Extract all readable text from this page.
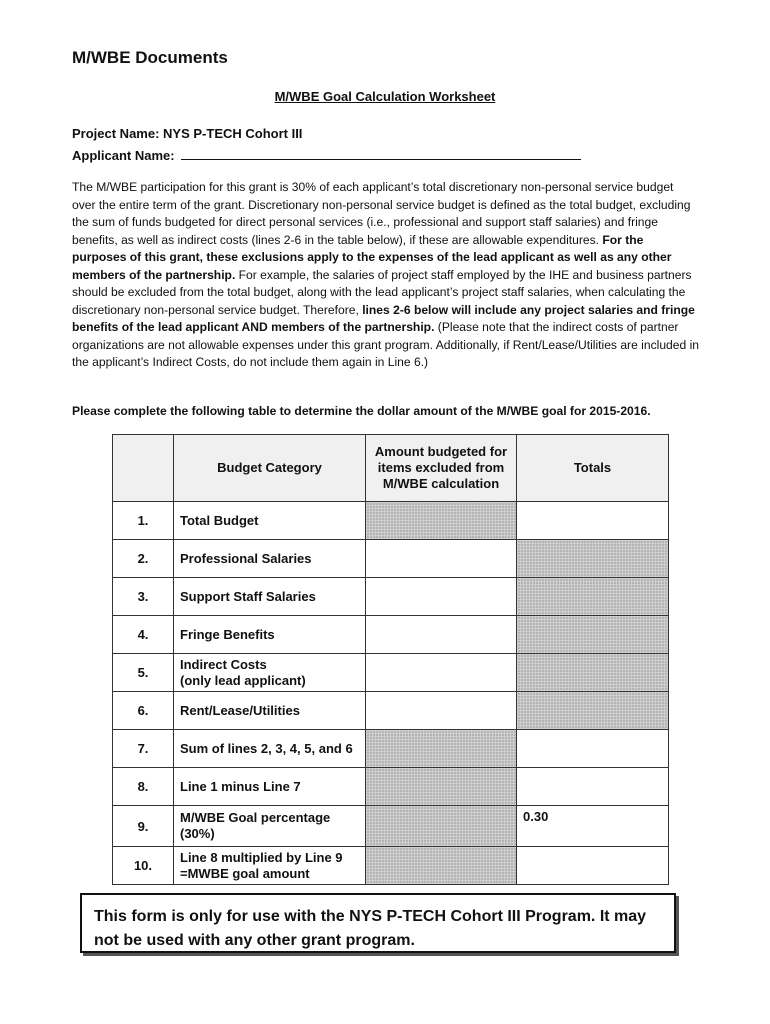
M/WBE Documents
M/WBE Goal Calculation Worksheet
Project Name: NYS P-TECH Cohort III
Applicant Name:
The M/WBE participation for this grant is 30% of each applicant’s total discretionary non-personal service budget over the entire term of the grant. Discretionary non-personal service budget is defined as the total budget, excluding the sum of funds budgeted for direct personal services (i.e., professional and support staff salaries) and fringe benefits, as well as indirect costs (lines 2-6 in the table below), if these are allowable expenditures. For the purposes of this grant, these exclusions apply to the expenses of the lead applicant as well as any other members of the partnership. For example, the salaries of project staff employed by the IHE and business partners should be excluded from the total budget, along with the lead applicant’s project staff salaries, when calculating the discretionary non-personal service budget. Therefore, lines 2-6 below will include any project salaries and fringe benefits of the lead applicant AND members of the partnership. (Please note that the indirect costs of partner organizations are not allowable expenses under this grant program. Additionally, if Rent/Lease/Utilities are included in the applicant’s Indirect Costs, do not include them again in Line 6.)
Please complete the following table to determine the dollar amount of the M/WBE goal for 2015-2016.
	Budget Category	Amount budgeted for items excluded from M/WBE calculation	Totals
1.	Total Budget		
2.	Professional Salaries		
3.	Support Staff Salaries		
4.	Fringe Benefits		
5.	Indirect Costs
(only lead applicant)		
6.	Rent/Lease/Utilities		
7.	Sum of lines 2, 3, 4, 5, and 6		
8.	Line 1 minus Line 7		
9.	M/WBE Goal percentage (30%)		0.30
10.	Line 8 multiplied by Line 9 =MWBE goal amount		
This form is only for use with the NYS P-TECH Cohort III Program. It may not be used with any other grant program.
